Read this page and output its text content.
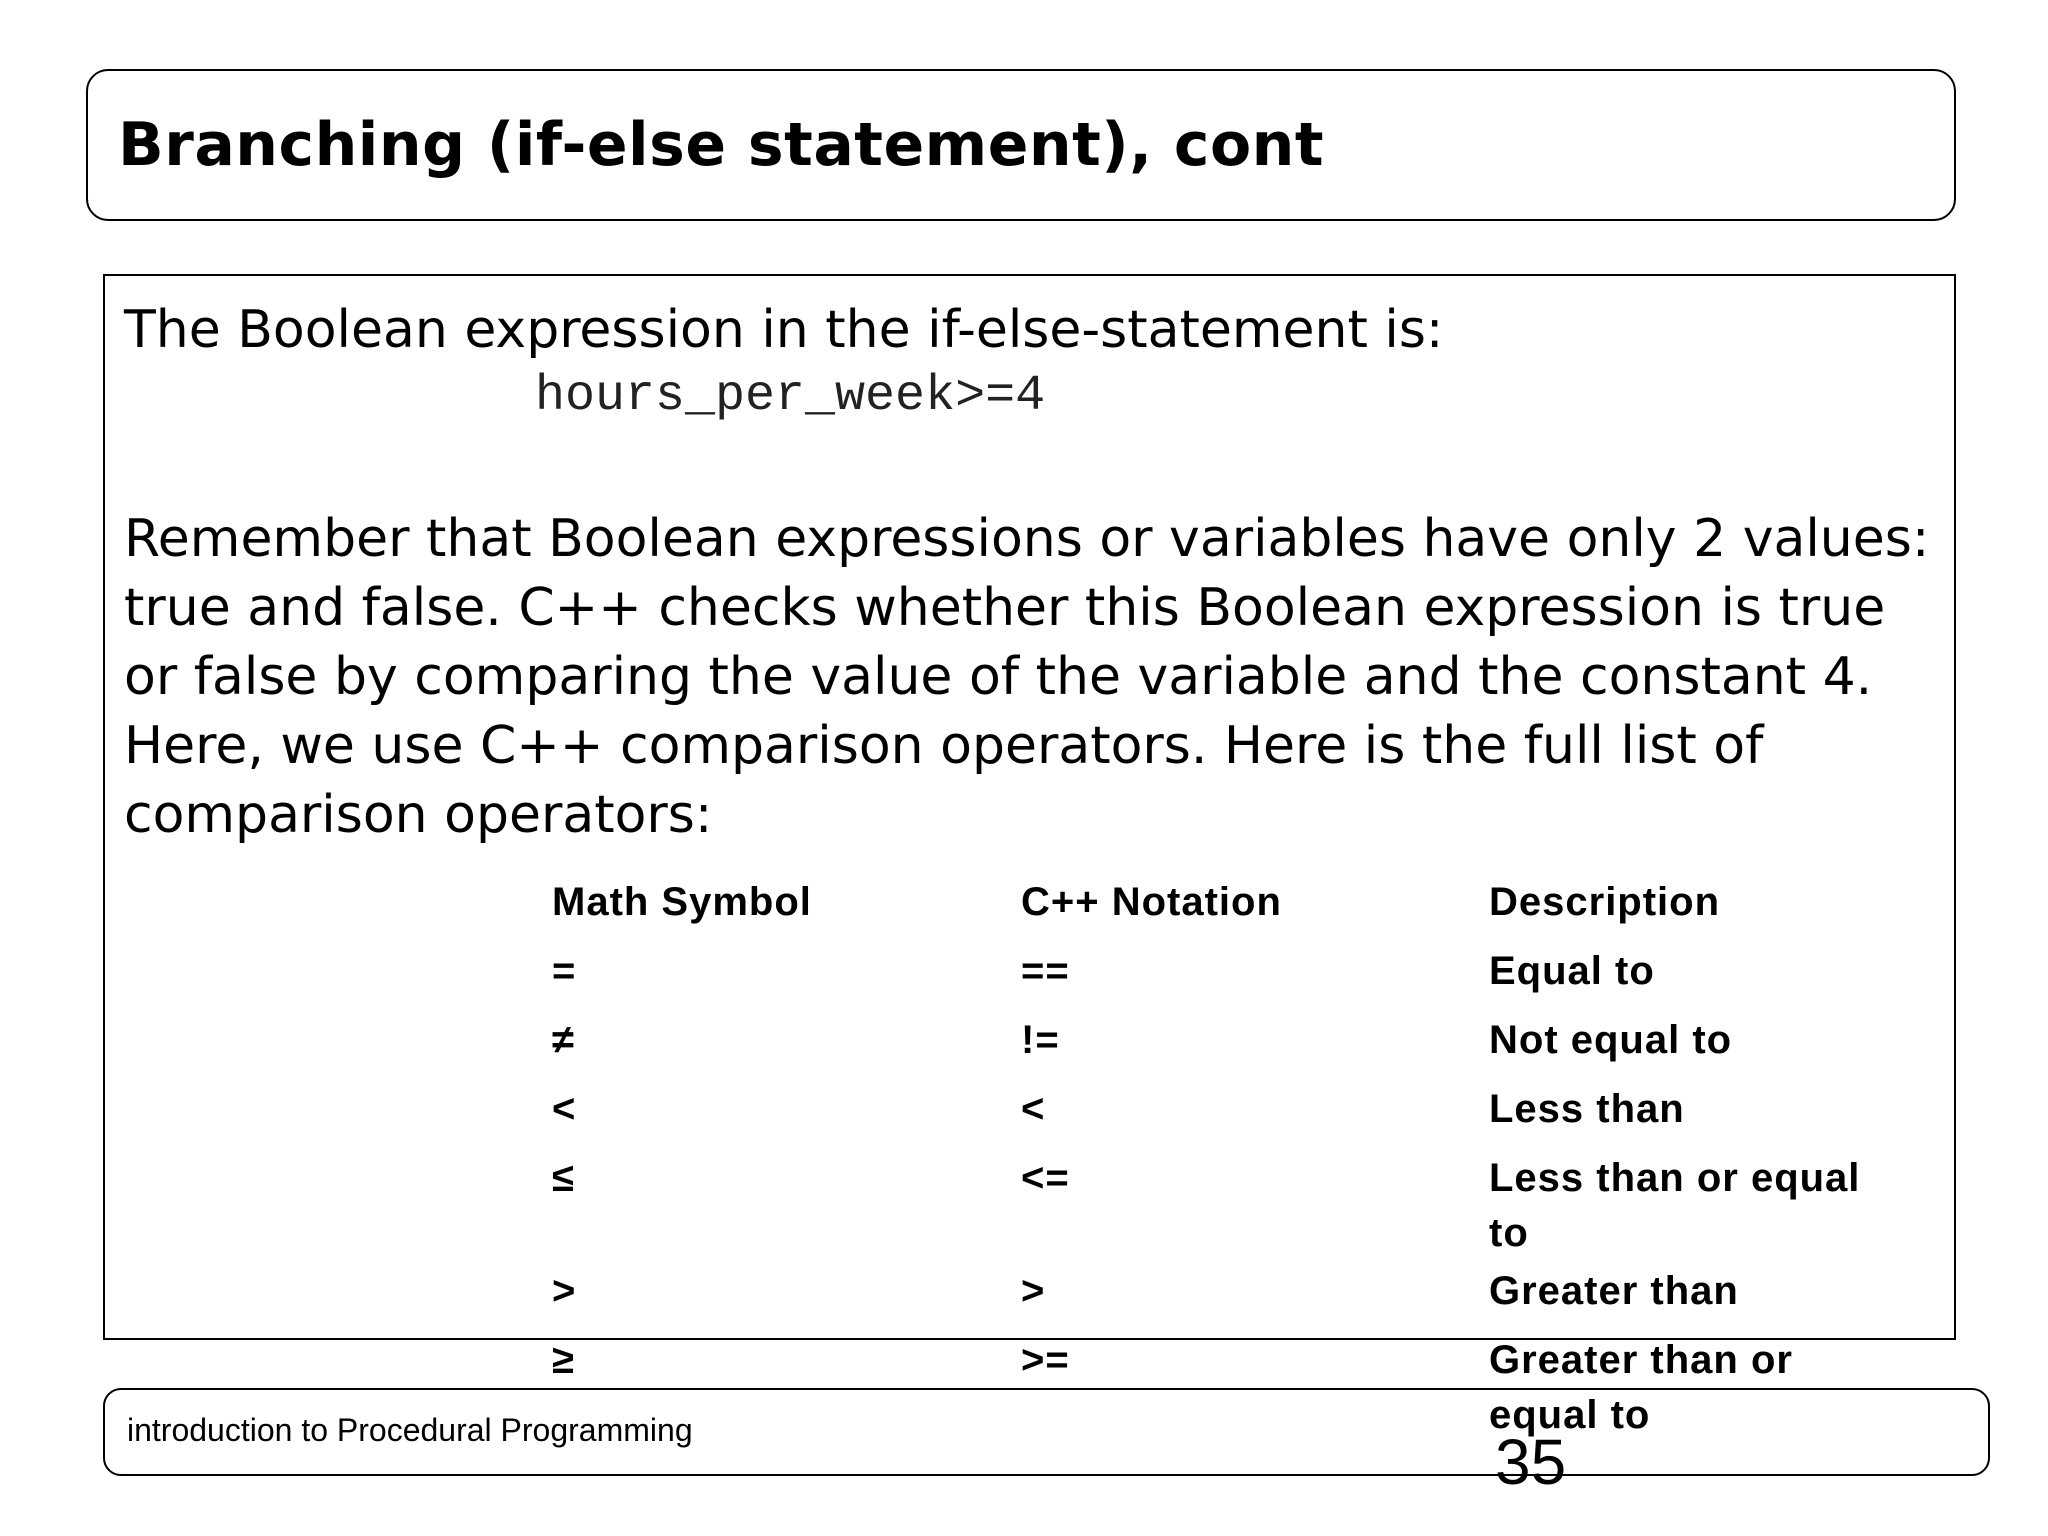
Branching (if-else statement), cont
The Boolean expression in the if-else-statement is:
hours_per_week>=4
Remember that Boolean expressions or variables have only 2 values:
true and false. C++ checks whether this Boolean expression is true
or false by comparing the value of the variable and the constant 4.
Here, we use C++ comparison operators. Here is the full list of
comparison operators:
Math Symbol	C++ Notation	Description
=	==	Equal to
≠	!=	Not equal to
<	<	Less than
≤	<=	Less than or equal to
>	>	Greater than
≥	>=	Greater than or equal to
introduction to Procedural Programming	35
